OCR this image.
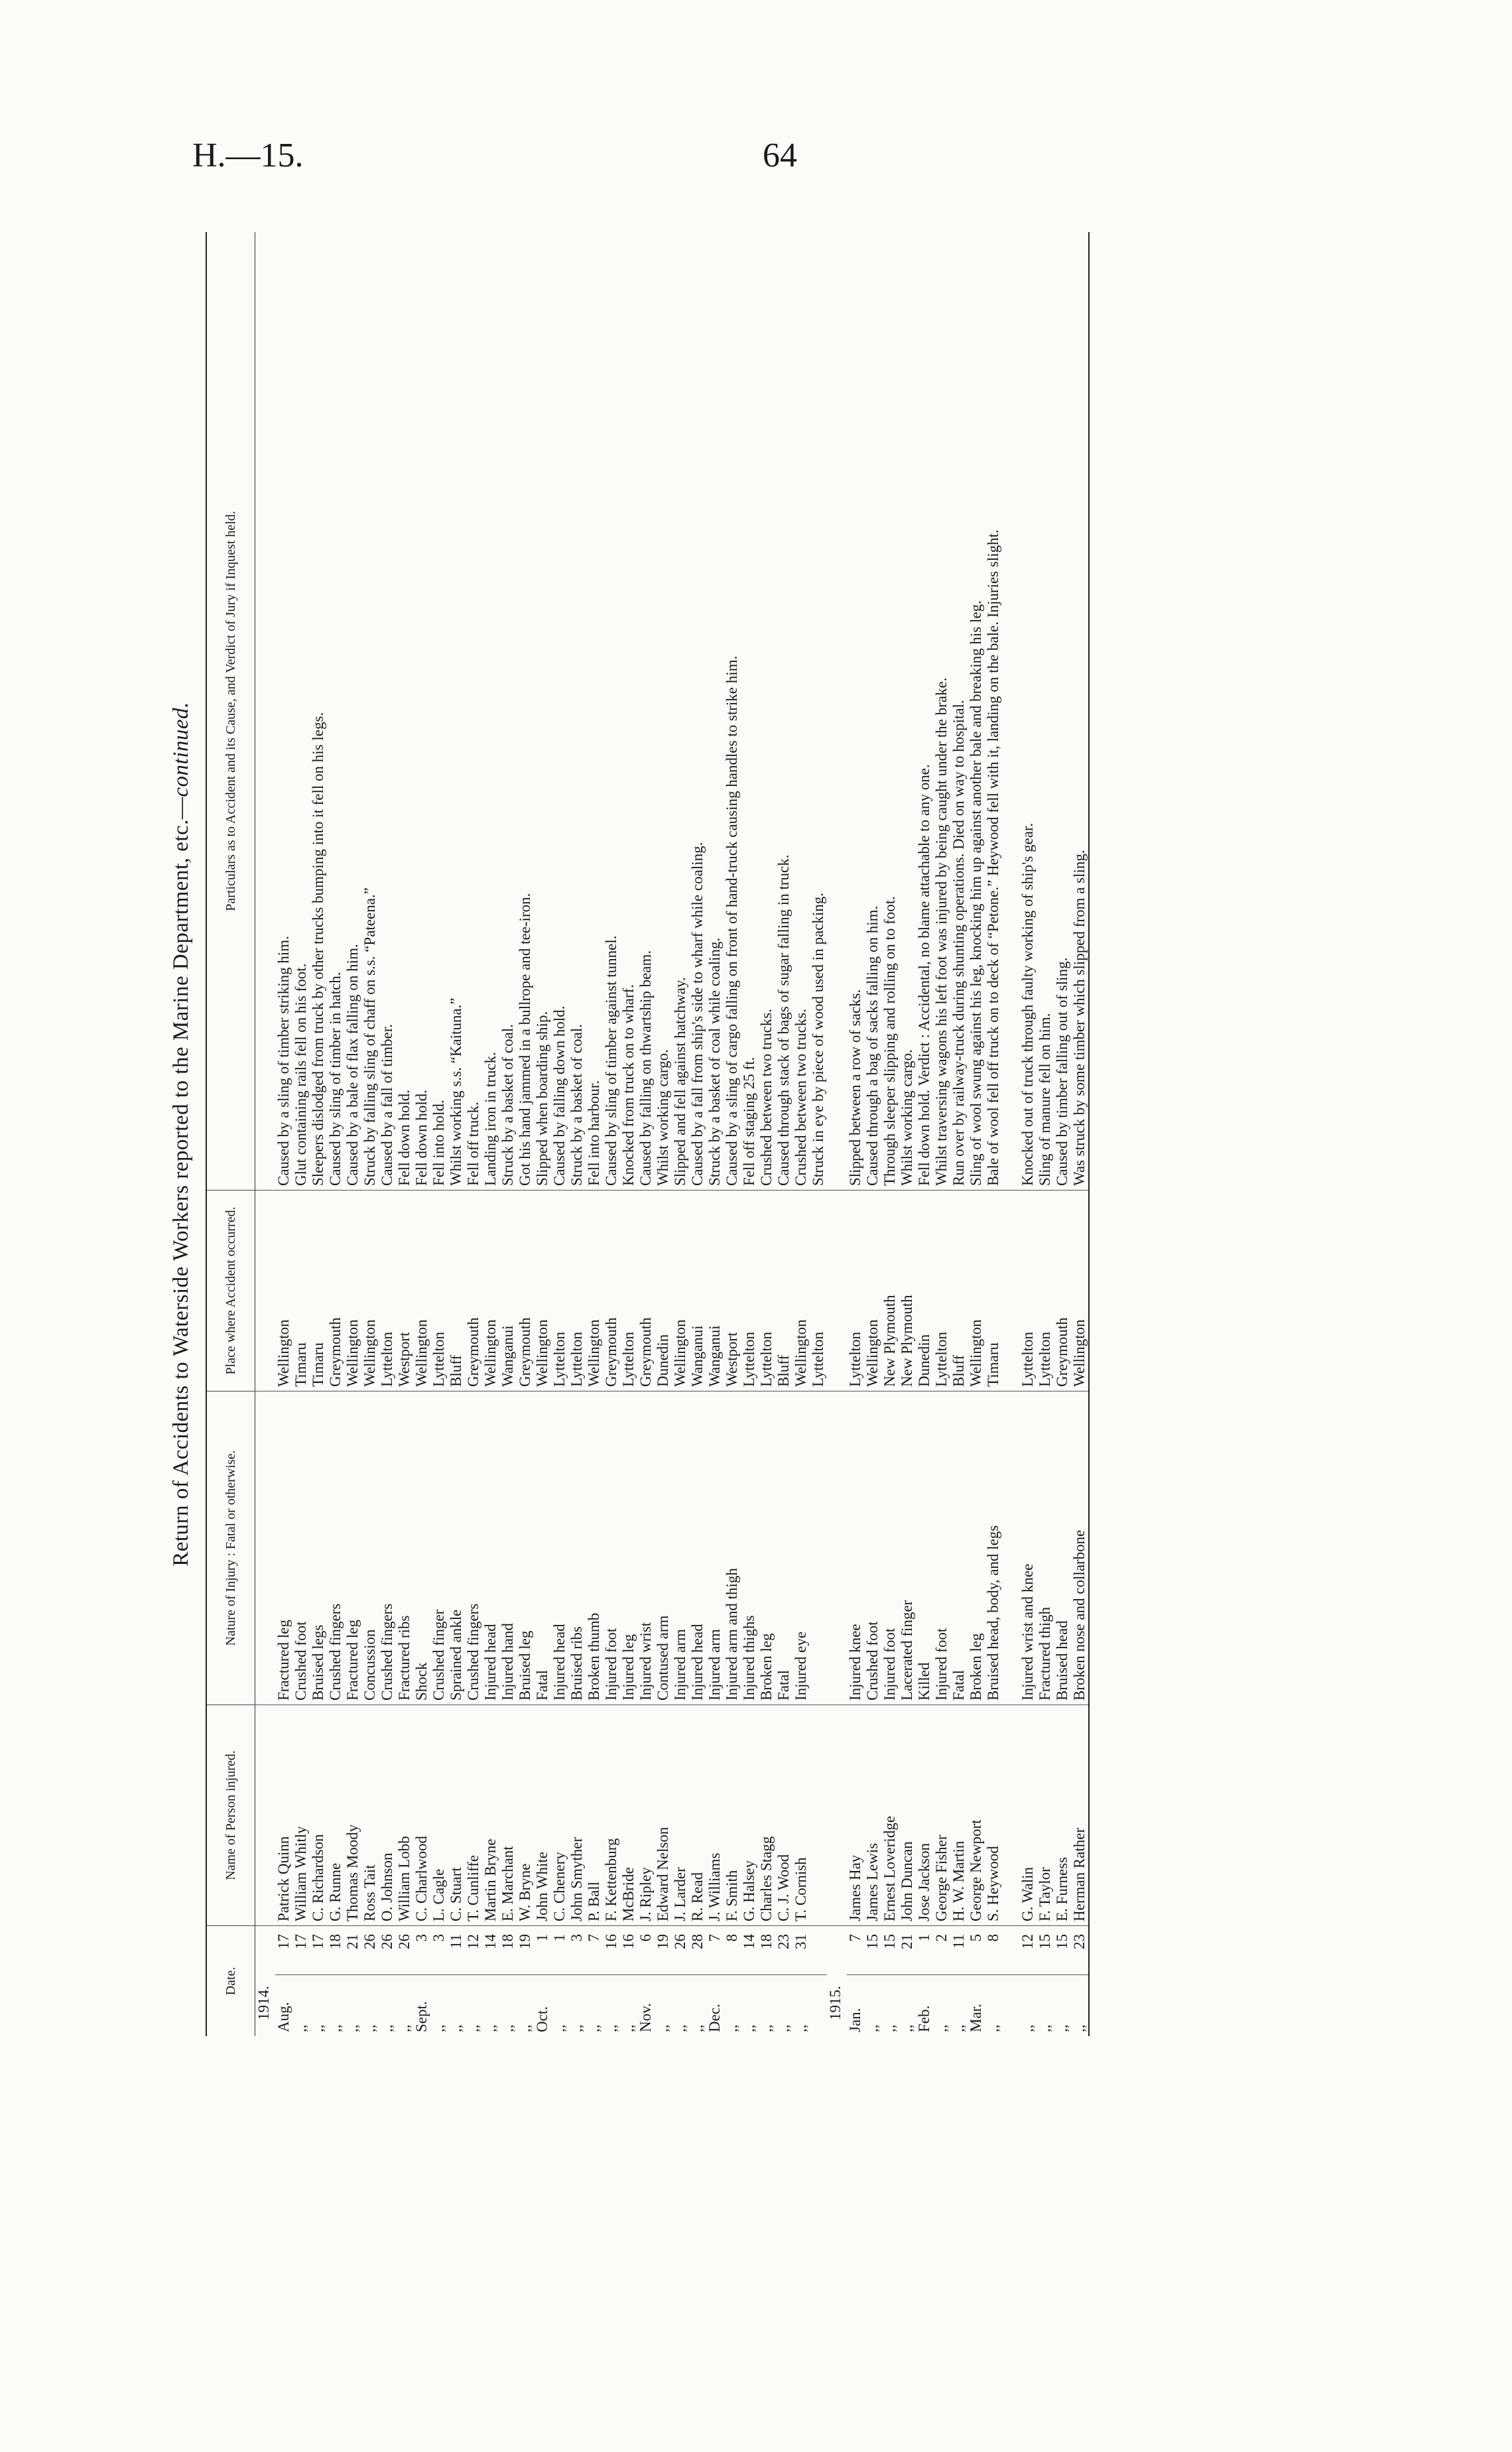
H.—15.	64
Return of Accidents to Waterside Workers reported to the Marine Department, etc.—continued.
Date.		Name of Person injured.	Nature of Injury : Fatal or otherwise.	Place where Accident occurred.	Particulars as to Accident and its Cause, and Verdict of Jury if Inquest held.
1914.					
Aug.	17	Patrick Quinn	Fractured leg	Wellington	Caused by a sling of timber striking him.
,,	17	William Whitly	Crushed foot	Timaru	Glut containing rails fell on his foot.
,,	17	C. Richardson	Bruised legs	Timaru	Sleepers dislodged from truck by other trucks bumping into it fell on his legs.
,,	18	G. Runne	Crushed fingers	Greymouth	Caused by sling of timber in hatch.
,,	21	Thomas Moody	Fractured leg	Wellington	Caused by a bale of flax falling on him.
,,	26	Ross Tait	Concussion	Wellington	Struck by falling sling of chaff on s.s. “Pateena.”
,,	26	O. Johnson	Crushed fingers	Lyttelton	Caused by a fall of timber.
,,	26	William Lobb	Fractured ribs	Westport	Fell down hold.
Sept.	3	C. Charlwood	Shock	Wellington	Fell down hold.
,,	3	L. Cagle	Crushed finger	Lyttelton	Fell into hold.
,,	11	C. Stuart	Sprained ankle	Bluff	Whilst working s.s. “Kaituna.”
,,	12	T. Cunliffe	Crushed fingers	Greymouth	Fell off truck.
,,	14	Martin Bryne	Injured head	Wellington	Landing iron in truck.
,,	18	E. Marchant	Injured hand	Wanganui	Struck by a basket of coal.
,,	19	W. Bryne	Bruised leg	Greymouth	Got his hand jammed in a bullrope and tee-iron.
Oct.	1	John White	Fatal	Wellington	Slipped when boarding ship.
,,	1	C. Chenery	Injured head	Lyttelton	Caused by falling down hold.
,,	3	John Smyther	Bruised ribs	Lyttelton	Struck by a basket of coal.
,,	7	P. Ball	Broken thumb	Wellington	Fell into harbour.
,,	16	F. Kettenburg	Injured foot	Greymouth	Caused by sling of timber against tunnel.
,,	16	McBride	Injured leg	Lyttelton	Knocked from truck on to wharf.
Nov.	6	J. Ripley	Injured wrist	Greymouth	Caused by falling on thwartship beam.
,,	19	Edward Nelson	Contused arm	Dunedin	Whilst working cargo.
,,	26	J. Larder	Injured arm	Wellington	Slipped and fell against hatchway.
,,	28	R. Read	Injured head	Wanganui	Caused by a fall from ship's side to wharf while coaling.
Dec.	7	J. Williams	Injured arm	Wanganui	Struck by a basket of coal while coaling.
,,	8	F. Smith	Injured arm and thigh	Westport	Caused by a sling of cargo falling on front of hand-truck causing handles to strike him.
,,	14	G. Halsey	Injured thighs	Lyttelton	Fell off staging 25 ft.
,,	18	Charles Stagg	Broken leg	Lyttelton	Crushed between two trucks.
,,	23	C. J. Wood	Fatal	Bluff	Caused through stack of bags of sugar falling in truck.
,,	31	T. Cornish	Injured eye	Wellington	Crushed between two trucks.
				Lyttelton	Struck in eye by piece of wood used in packing.
1915.					
Jan.	7	James Hay	Injured knee	Lyttelton	Slipped between a row of sacks.
,,	15	James Lewis	Crushed foot	Wellington	Caused through a bag of sacks falling on him.
,,	15	Ernest Loveridge	Injured foot	New Plymouth	Through sleeper slipping and rolling on to foot.
,,	21	John Duncan	Lacerated finger	New Plymouth	Whilst working cargo.
Feb.	1	Jose Jackson	Killed	Dunedin	Fell down hold. Verdict : Accidental, no blame attachable to any one.
,,	2	George Fisher	Injured foot	Lyttelton	Whilst traversing wagons his left foot was injured by being caught under the brake.
,,	11	H. W. Martin	Fatal	Bluff	Run over by railway-truck during shunting operations. Died on way to hospital.
Mar.	5	George Newport	Broken leg	Wellington	Sling of wool swung against his leg, knocking him up against another bale and breaking his leg.
,,	8	S. Heywood	Bruised head, body, and legs	Timaru	Bale of wool fell off truck on to deck of “Petone.” Heywood fell with it, landing on the bale. Injuries slight.
,,	12	G. Walin	Injured wrist and knee	Lyttelton	Knocked out of truck through faulty working of ship's gear.
,,	15	F. Taylor	Fractured thigh	Lyttelton	Sling of manure fell on him.
,,	15	E. Furness	Bruised head	Greymouth	Caused by timber falling out of sling.
,,	23	Herman Rather	Broken nose and collarbone	Wellington	Was struck by some timber which slipped from a sling.
